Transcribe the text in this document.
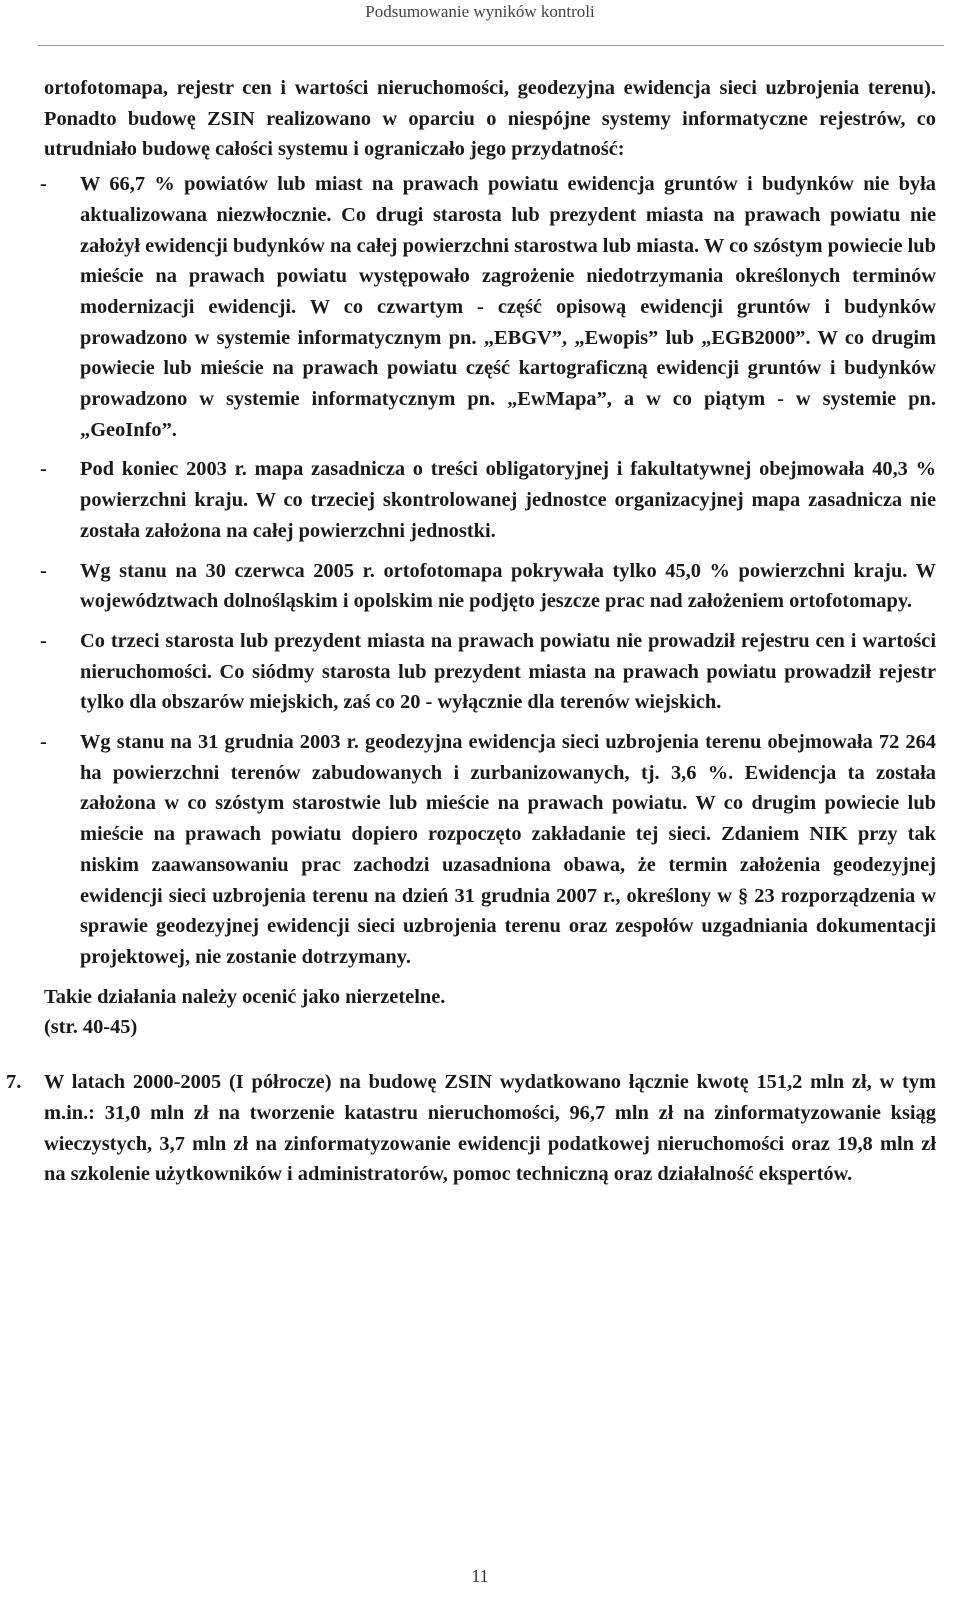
Podsumowanie wyników kontroli

ortofotomapa, rejestr cen i wartości nieruchomości, geodezyjna ewidencja sieci uzbrojenia terenu). Ponadto budowę ZSIN realizowano w oparciu o niespójne systemy informatyczne rejestrów, co utrudniało budowę całości systemu i ograniczało jego przydatność:

- W 66,7 % powiatów lub miast na prawach powiatu ewidencja gruntów i budynków nie była aktualizowana niezwłocznie. Co drugi starosta lub prezydent miasta na prawach powiatu nie założył ewidencji budynków na całej powierzchni starostwa lub miasta. W co szóstym powiecie lub mieście na prawach powiatu występowało zagrożenie niedotrzymania określonych terminów modernizacji ewidencji. W co czwartym - część opisową ewidencji gruntów i budynków prowadzono w systemie informatycznym pn. „EBGV”, „Ewopis” lub „EGB2000”. W co drugim powiecie lub mieście na prawach powiatu część kartograficzną ewidencji gruntów i budynków prowadzono w systemie informatycznym pn. „EwMapa”, a w co piątym - w systemie pn. „GeoInfo”.
- Pod koniec 2003 r. mapa zasadnicza o treści obligatoryjnej i fakultatywnej obejmowała 40,3 % powierzchni kraju. W co trzeciej skontrolowanej jednostce organizacyjnej mapa zasadnicza nie została założona na całej powierzchni jednostki.
- Wg stanu na 30 czerwca 2005 r. ortofotomapa pokrywała tylko 45,0 % powierzchni kraju. W województwach dolnośląskim i opolskim nie podjęto jeszcze prac nad założeniem ortofotomapy.
- Co trzeci starosta lub prezydent miasta na prawach powiatu nie prowadził rejestru cen i wartości nieruchomości. Co siódmy starosta lub prezydent miasta na prawach powiatu prowadził rejestr tylko dla obszarów miejskich, zaś co 20 - wyłącznie dla terenów wiejskich.
- Wg stanu na 31 grudnia 2003 r. geodezyjna ewidencja sieci uzbrojenia terenu obejmowała 72 264 ha powierzchni terenów zabudowanych i zurbanizowanych, tj. 3,6 %. Ewidencja ta została założona w co szóstym starostwie lub mieście na prawach powiatu. W co drugim powiecie lub mieście na prawach powiatu dopiero rozpoczęto zakładanie tej sieci. Zdaniem NIK przy tak niskim zaawansowaniu prac zachodzi uzasadniona obawa, że termin założenia geodezyjnej ewidencji sieci uzbrojenia terenu na dzień 31 grudnia 2007 r., określony w § 23 rozporządzenia w sprawie geodezyjnej ewidencji sieci uzbrojenia terenu oraz zespołów uzgadniania dokumentacji projektowej, nie zostanie dotrzymany.

Takie działania należy ocenić jako nierzetelne.

(str. 40-45)

7. W latach 2000-2005 (I półrocze) na budowę ZSIN wydatkowano łącznie kwotę 151,2 mln zł, w tym m.in.: 31,0 mln zł na tworzenie katastru nieruchomości, 96,7 mln zł na zinformatyzowanie ksiąg wieczystych, 3,7 mln zł na zinformatyzowanie ewidencji podatkowej nieruchomości oraz 19,8 mln zł na szkolenie użytkowników i administratorów, pomoc techniczną oraz działalność ekspertów.

11
